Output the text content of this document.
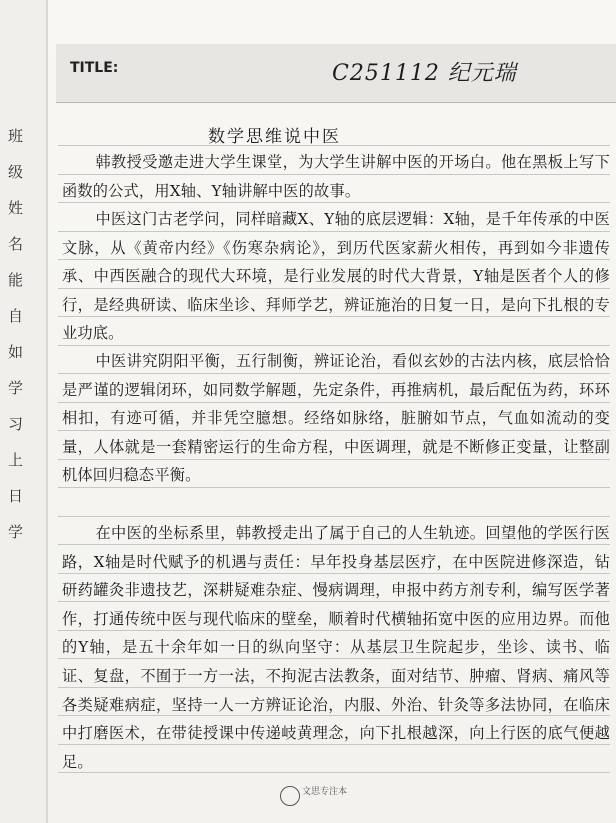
班
级
姓
名
能
自
如
学
习
上
日
学
TITLE:	C251112 纪元瑞
数学思维说中医
韩教授受邀走进大学生课堂，为大学生讲解中医的开场白。他在黑板上写下函数的公式，用X轴、Y轴讲解中医的故事。
中医这门古老学问，同样暗藏X、Y轴的底层逻辑：X轴，是千年传承的中医文脉，从《黄帝内经》《伤寒杂病论》，到历代医家薪火相传，再到如今非遗传承、中西医融合的现代大环境，是行业发展的时代大背景，Y轴是医者个人的修行，是经典研读、临床坐诊、拜师学艺，辨证施治的日复一日，是向下扎根的专业功底。
中医讲究阴阳平衡，五行制衡，辨证论治，看似玄妙的古法内核，底层恰恰是严谨的逻辑闭环，如同数学解题，先定条件，再推病机，最后配伍为药，环环相扣，有迹可循，并非凭空臆想。经络如脉络，脏腑如节点，气血如流动的变量，人体就是一套精密运行的生命方程，中医调理，就是不断修正变量，让整副机体回归稳态平衡。
在中医的坐标系里，韩教授走出了属于自己的人生轨迹。回望他的学医行医路，X轴是时代赋予的机遇与责任：早年投身基层医疗，在中医院进修深造，钻研药罐灸非遗技艺，深耕疑难杂症、慢病调理，申报中药方剂专利，编写医学著作，打通传统中医与现代临床的壁垒，顺着时代横轴拓宽中医的应用边界。而他的Y轴，是五十余年如一日的纵向坚守：从基层卫生院起步，坐诊、读书、临证、复盘，不囿于一方一法，不拘泥古法教条，面对结节、肿瘤、肾病、痛风等各类疑难病症，坚持一人一方辨证论治，内服、外治、针灸等多法协同，在临床中打磨医术，在带徒授课中传递岐黄理念，向下扎根越深，向上行医的底气便越足。
文思专注本
